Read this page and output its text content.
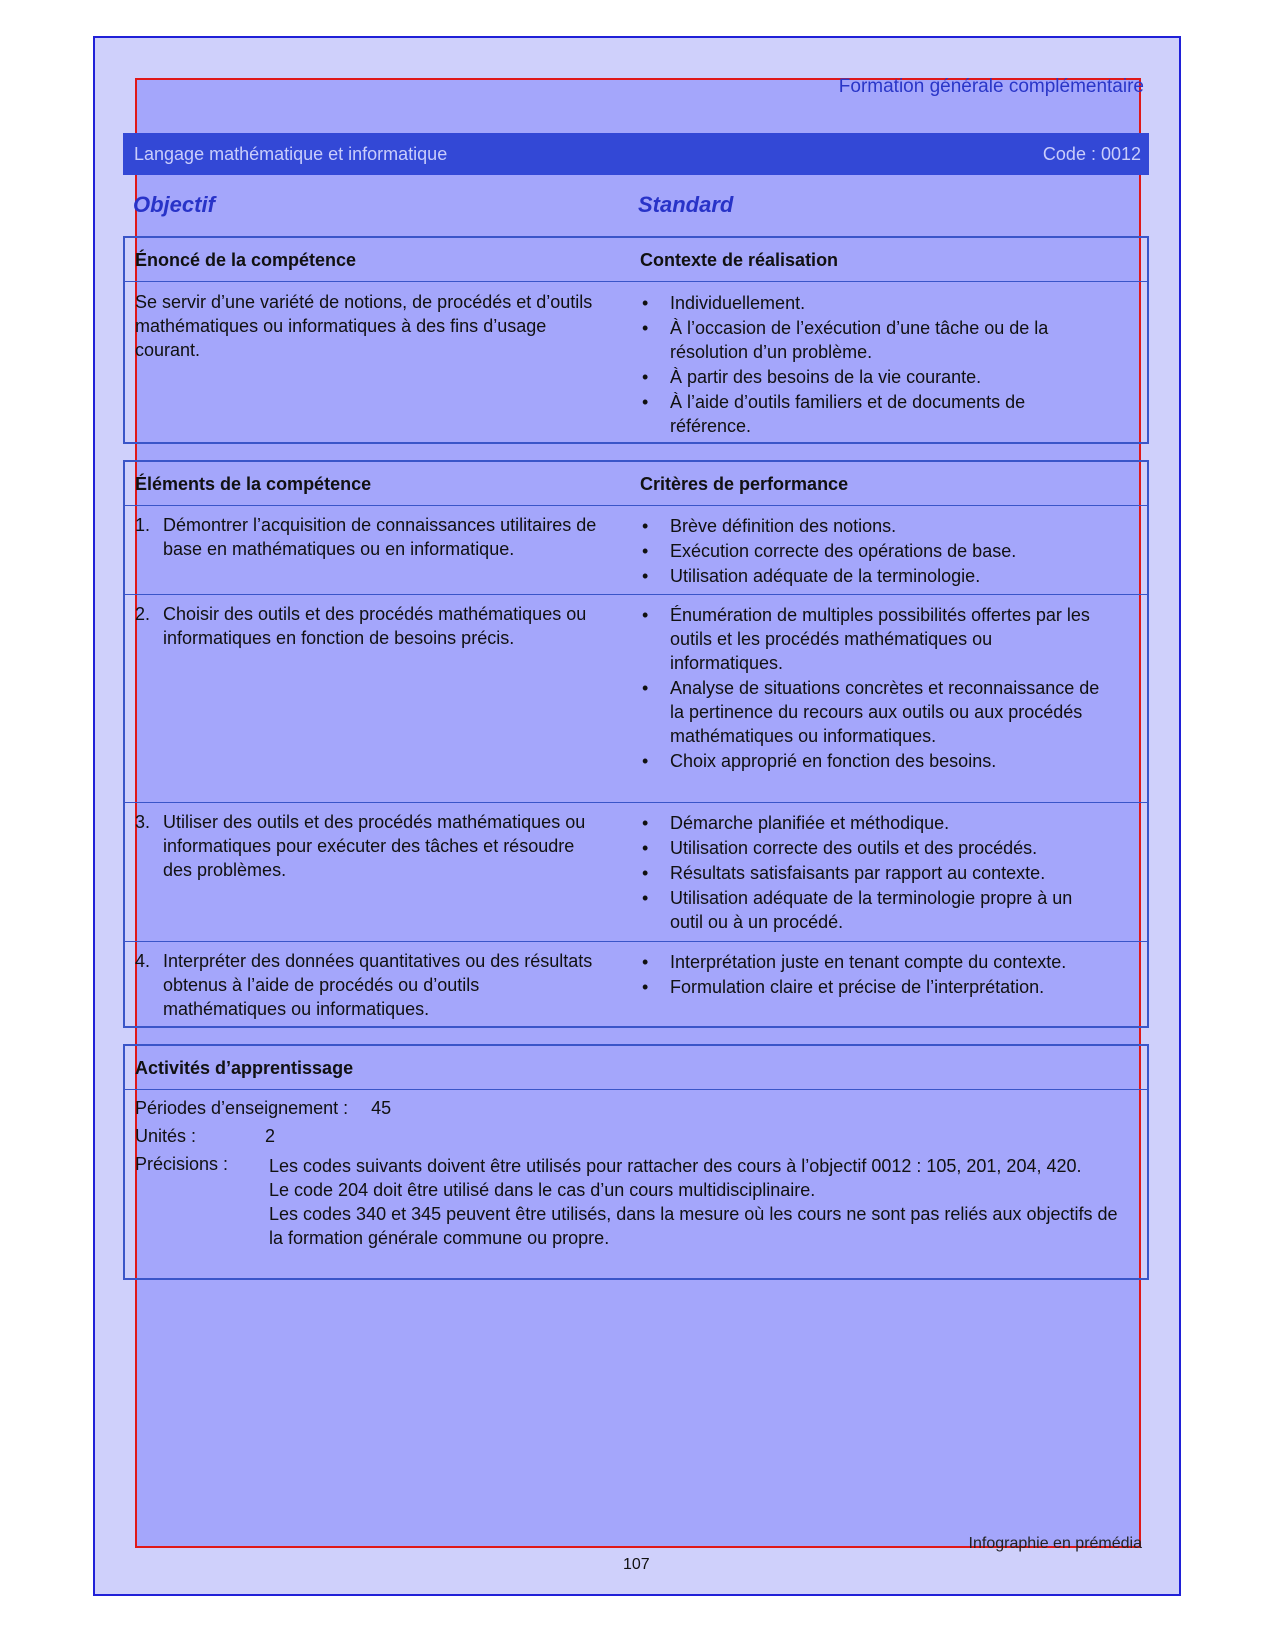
Formation générale complémentaire
Langage mathématique et informatique	Code : 0012
Objectif	Standard
Énoncé de la compétence	Contexte de réalisation
Se servir d’une variété de notions, de procédés et d’outils mathématiques ou informatiques à des fins d’usage courant.
• Individuellement.
• À l’occasion de l’exécution d’une tâche ou de la résolution d’un problème.
• À partir des besoins de la vie courante.
• À l’aide d’outils familiers et de documents de référence.
Éléments de la compétence	Critères de performance
1. Démontrer l’acquisition de connaissances utilitaires de base en mathématiques ou en informatique.
• Brève définition des notions.
• Exécution correcte des opérations de base.
• Utilisation adéquate de la terminologie.
2. Choisir des outils et des procédés mathématiques ou informatiques en fonction de besoins précis.
• Énumération de multiples possibilités offertes par les outils et les procédés mathématiques ou informatiques.
• Analyse de situations concrètes et reconnaissance de la pertinence du recours aux outils ou aux procédés mathématiques ou informatiques.
• Choix approprié en fonction des besoins.
3. Utiliser des outils et des procédés mathématiques ou informatiques pour exécuter des tâches et résoudre des problèmes.
• Démarche planifiée et méthodique.
• Utilisation correcte des outils et des procédés.
• Résultats satisfaisants par rapport au contexte.
• Utilisation adéquate de la terminologie propre à un outil ou à un procédé.
4. Interpréter des données quantitatives ou des résultats obtenus à l’aide de procédés ou d’outils mathématiques ou informatiques.
• Interprétation juste en tenant compte du contexte.
• Formulation claire et précise de l’interprétation.
Activités d’apprentissage
Périodes d’enseignement : 45
Unités :	2
Précisions :	Les codes suivants doivent être utilisés pour rattacher des cours à l’objectif 0012 : 105, 201, 204, 420.
Le code 204 doit être utilisé dans le cas d’un cours multidisciplinaire.
Les codes 340 et 345 peuvent être utilisés, dans la mesure où les cours ne sont pas reliés aux objectifs de la formation générale commune ou propre.
Infographie en prémédia
107
